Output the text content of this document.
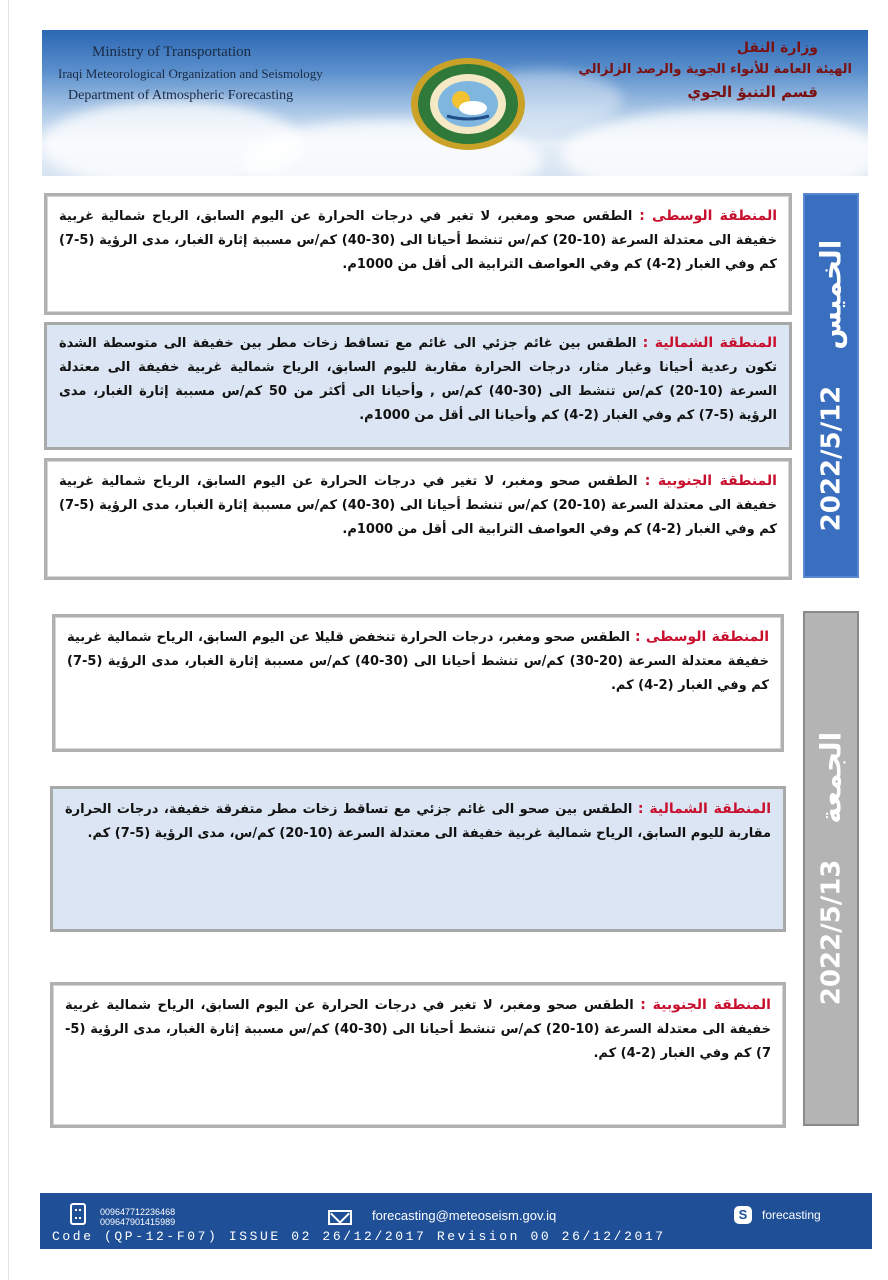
Ministry of Transportation
Iraqi Meteorological Organization and Seismology
Department of Atmospheric Forecasting
وزارة النقل
الهيئة العامة للأنواء الجوية والرصد الزلزالي
قسم التنبؤ الجوي
2022/5/12
الخميس
المنطقة الوسطى : الطقس صحو ومغبر، لا تغير في درجات الحرارة عن اليوم السابق، الرياح شمالية غربية خفيفة الى معتدلة السرعة (10-20) كم/س تنشط أحيانا الى (30-40) كم/س مسببة إثارة الغبار، مدى الرؤية (5-7) كم وفي الغبار (2-4) كم وفي العواصف الترابية الى أقل من 1000م.
المنطقة الشمالية : الطقس بين غائم جزئي الى غائم مع تساقط زخات مطر بين خفيفة الى متوسطة الشدة تكون رعدية أحيانا وغبار مثار، درجات الحرارة مقاربة لليوم السابق، الرياح شمالية غربية خفيفة الى معتدلة السرعة (10-20) كم/س تنشط الى (30-40) كم/س , وأحيانا الى أكثر من 50 كم/س مسببة إثارة الغبار، مدى الرؤية (5-7) كم وفي الغبار (2-4) كم وأحيانا الى أقل من 1000م.
المنطقة الجنوبية : الطقس صحو ومغبر، لا تغير في درجات الحرارة عن اليوم السابق، الرياح شمالية غربية خفيفة الى معتدلة السرعة (10-20) كم/س تنشط أحيانا الى (30-40) كم/س مسببة إثارة الغبار، مدى الرؤية (5-7) كم وفي الغبار (2-4) كم وفي العواصف الترابية الى أقل من 1000م.
2022/5/13
الجمعة
المنطقة الوسطى : الطقس صحو ومغبر، درجات الحرارة تنخفض قليلا عن اليوم السابق، الرياح شمالية غربية خفيفة معتدلة السرعة (20-30) كم/س تنشط أحيانا الى (30-40) كم/س مسببة إثارة الغبار، مدى الرؤية (5-7) كم وفي الغبار (2-4) كم.
المنطقة الشمالية : الطقس بين صحو الى غائم جزئي مع تساقط زخات مطر متفرقة خفيفة، درجات الحرارة مقاربة لليوم السابق، الرياح شمالية غربية خفيفة الى معتدلة السرعة (10-20) كم/س، مدى الرؤية (5-7) كم.
المنطقة الجنوبية : الطقس صحو ومغبر، لا تغير في درجات الحرارة عن اليوم السابق، الرياح شمالية غربية خفيفة الى معتدلة السرعة (10-20) كم/س تنشط أحيانا الى (30-40) كم/س مسببة إثارة الغبار، مدى الرؤية (5-7) كم وفي الغبار (2-4) كم.
009647712236468
009647901415989	forecasting@meteoseism.gov.iq	S	forecasting
Code (QP-12-F07) ISSUE 02 26/12/2017 Revision 00 26/12/2017
